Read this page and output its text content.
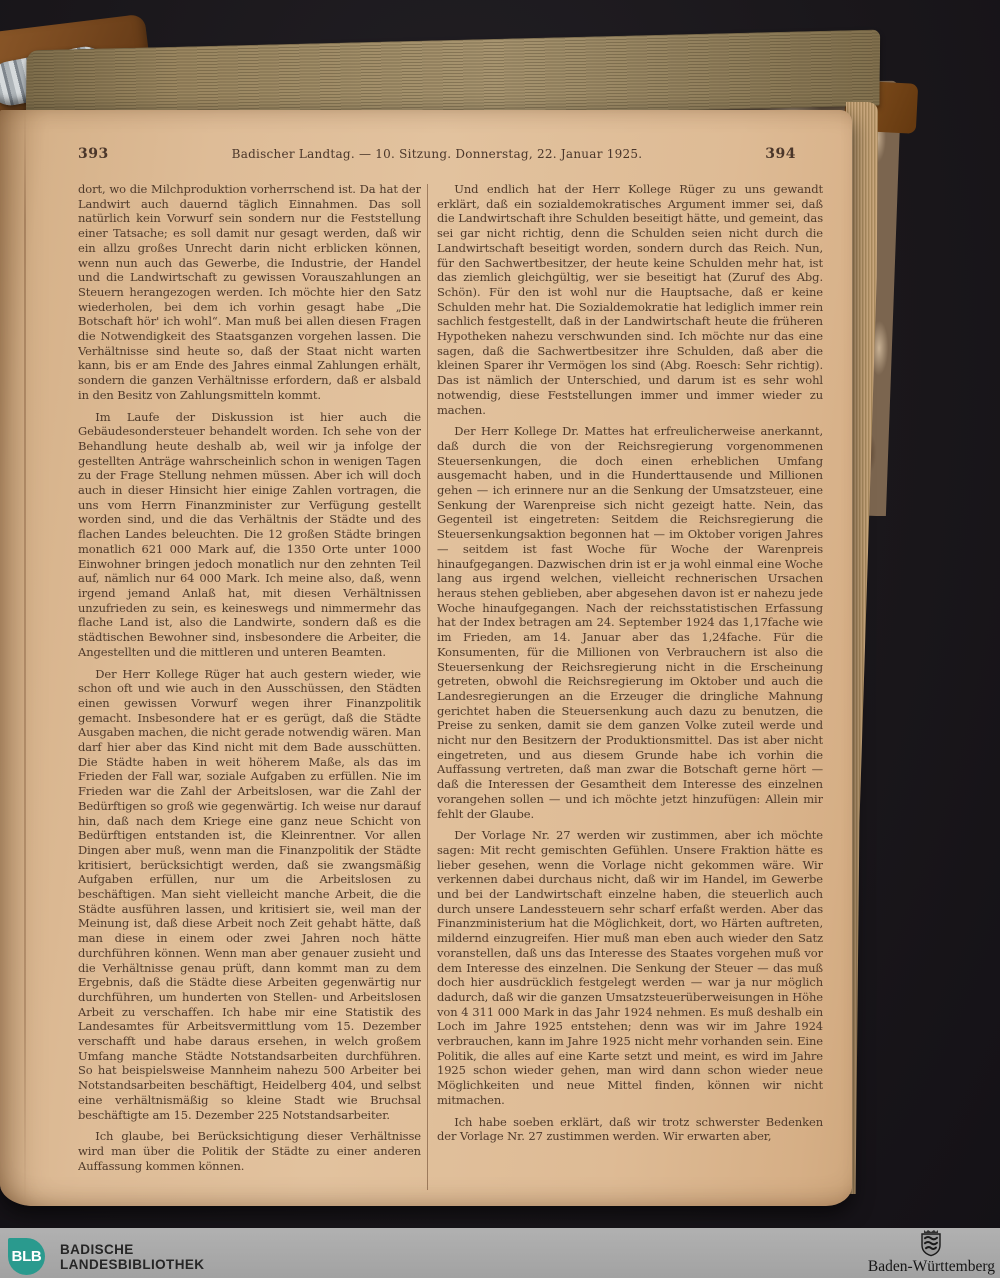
393	Badischer Landtag. — 10. Sitzung. Donnerstag, 22. Januar 1925.	394

dort, wo die Milchproduktion vorherrschend ist. Da hat der Landwirt auch dauernd täglich Einnahmen. Das soll natürlich kein Vorwurf sein sondern nur die Feststellung einer Tatsache; es soll damit nur gesagt werden, daß wir ein allzu großes Unrecht darin nicht erblicken können, wenn nun auch das Gewerbe, die Industrie, der Handel und die Landwirtschaft zu gewissen Vorauszahlungen an Steuern herangezogen werden. Ich möchte hier den Satz wiederholen, bei dem ich vorhin gesagt habe „Die Botschaft hör' ich wohl“. Man muß bei allen diesen Fragen die Notwendigkeit des Staatsganzen vorgehen lassen. Die Verhältnisse sind heute so, daß der Staat nicht warten kann, bis er am Ende des Jahres einmal Zahlungen erhält, sondern die ganzen Verhältnisse erfordern, daß er alsbald in den Besitz von Zahlungsmitteln kommt.

Im Laufe der Diskussion ist hier auch die Gebäudesondersteuer behandelt worden. Ich sehe von der Behandlung heute deshalb ab, weil wir ja infolge der gestellten Anträge wahrscheinlich schon in wenigen Tagen zu der Frage Stellung nehmen müssen. Aber ich will doch auch in dieser Hinsicht hier einige Zahlen vortragen, die uns vom Herrn Finanzminister zur Verfügung gestellt worden sind, und die das Verhältnis der Städte und des flachen Landes beleuchten. Die 12 großen Städte bringen monatlich 621 000 Mark auf, die 1350 Orte unter 1000 Einwohner bringen jedoch monatlich nur den zehnten Teil auf, nämlich nur 64 000 Mark. Ich meine also, daß, wenn irgend jemand Anlaß hat, mit diesen Verhältnissen unzufrieden zu sein, es keineswegs und nimmermehr das flache Land ist, also die Landwirte, sondern daß es die städtischen Bewohner sind, insbesondere die Arbeiter, die Angestellten und die mittleren und unteren Beamten.

Der Herr Kollege Rüger hat auch gestern wieder, wie schon oft und wie auch in den Ausschüssen, den Städten einen gewissen Vorwurf wegen ihrer Finanzpolitik gemacht. Insbesondere hat er es gerügt, daß die Städte Ausgaben machen, die nicht gerade notwendig wären. Man darf hier aber das Kind nicht mit dem Bade ausschütten. Die Städte haben in weit höherem Maße, als das im Frieden der Fall war, soziale Aufgaben zu erfüllen. Nie im Frieden war die Zahl der Arbeitslosen, war die Zahl der Bedürftigen so groß wie gegenwärtig. Ich weise nur darauf hin, daß nach dem Kriege eine ganz neue Schicht von Bedürftigen entstanden ist, die Kleinrentner. Vor allen Dingen aber muß, wenn man die Finanzpolitik der Städte kritisiert, berücksichtigt werden, daß sie zwangsmäßig Aufgaben erfüllen, nur um die Arbeitslosen zu beschäftigen. Man sieht vielleicht manche Arbeit, die die Städte ausführen lassen, und kritisiert sie, weil man der Meinung ist, daß diese Arbeit noch Zeit gehabt hätte, daß man diese in einem oder zwei Jahren noch hätte durchführen können. Wenn man aber genauer zusieht und die Verhältnisse genau prüft, dann kommt man zu dem Ergebnis, daß die Städte diese Arbeiten gegenwärtig nur durchführen, um hunderten von Stellen- und Arbeitslosen Arbeit zu verschaffen. Ich habe mir eine Statistik des Landesamtes für Arbeitsvermittlung vom 15. Dezember verschafft und habe daraus ersehen, in welch großem Umfang manche Städte Notstandsarbeiten durchführen. So hat beispielsweise Mannheim nahezu 500 Arbeiter bei Notstandsarbeiten beschäftigt, Heidelberg 404, und selbst eine verhältnismäßig so kleine Stadt wie Bruchsal beschäftigte am 15. Dezember 225 Notstandsarbeiter.

Ich glaube, bei Berücksichtigung dieser Verhältnisse wird man über die Politik der Städte zu einer anderen Auffassung kommen können.

Und endlich hat der Herr Kollege Rüger zu uns gewandt erklärt, daß ein sozialdemokratisches Argument immer sei, daß die Landwirtschaft ihre Schulden beseitigt hätte, und gemeint, das sei gar nicht richtig, denn die Schulden seien nicht durch die Landwirtschaft beseitigt worden, sondern durch das Reich. Nun, für den Sachwertbesitzer, der heute keine Schulden mehr hat, ist das ziemlich gleichgültig, wer sie beseitigt hat (Zuruf des Abg. Schön). Für den ist wohl nur die Hauptsache, daß er keine Schulden mehr hat. Die Sozialdemokratie hat lediglich immer rein sachlich festgestellt, daß in der Landwirtschaft heute die früheren Hypotheken nahezu verschwunden sind. Ich möchte nur das eine sagen, daß die Sachwertbesitzer ihre Schulden, daß aber die kleinen Sparer ihr Vermögen los sind (Abg. Roesch: Sehr richtig). Das ist nämlich der Unterschied, und darum ist es sehr wohl notwendig, diese Feststellungen immer und immer wieder zu machen.

Der Herr Kollege Dr. Mattes hat erfreulicherweise anerkannt, daß durch die von der Reichsregierung vorgenommenen Steuersenkungen, die doch einen erheblichen Umfang ausgemacht haben, und in die Hunderttausende und Millionen gehen — ich erinnere nur an die Senkung der Umsatzsteuer, eine Senkung der Warenpreise sich nicht gezeigt hatte. Nein, das Gegenteil ist eingetreten: Seitdem die Reichsregierung die Steuersenkungsaktion begonnen hat — im Oktober vorigen Jahres — seitdem ist fast Woche für Woche der Warenpreis hinaufgegangen. Dazwischen drin ist er ja wohl einmal eine Woche lang aus irgend welchen, vielleicht rechnerischen Ursachen heraus stehen geblieben, aber abgesehen davon ist er nahezu jede Woche hinaufgegangen. Nach der reichsstatistischen Erfassung hat der Index betragen am 24. September 1924 das 1,17fache wie im Frieden, am 14. Januar aber das 1,24fache. Für die Konsumenten, für die Millionen von Verbrauchern ist also die Steuersenkung der Reichsregierung nicht in die Erscheinung getreten, obwohl die Reichsregierung im Oktober und auch die Landesregierungen an die Erzeuger die dringliche Mahnung gerichtet haben die Steuersenkung auch dazu zu benutzen, die Preise zu senken, damit sie dem ganzen Volke zuteil werde und nicht nur den Besitzern der Produktionsmittel. Das ist aber nicht eingetreten, und aus diesem Grunde habe ich vorhin die Auffassung vertreten, daß man zwar die Botschaft gerne hört — daß die Interessen der Gesamtheit dem Interesse des einzelnen vorangehen sollen — und ich möchte jetzt hinzufügen: Allein mir fehlt der Glaube.

Der Vorlage Nr. 27 werden wir zustimmen, aber ich möchte sagen: Mit recht gemischten Gefühlen. Unsere Fraktion hätte es lieber gesehen, wenn die Vorlage nicht gekommen wäre. Wir verkennen dabei durchaus nicht, daß wir im Handel, im Gewerbe und bei der Landwirtschaft einzelne haben, die steuerlich auch durch unsere Landessteuern sehr scharf erfaßt werden. Aber das Finanzministerium hat die Möglichkeit, dort, wo Härten auftreten, mildernd einzugreifen. Hier muß man eben auch wieder den Satz voranstellen, daß uns das Interesse des Staates vorgehen muß vor dem Interesse des einzelnen. Die Senkung der Steuer — das muß doch hier ausdrücklich festgelegt werden — war ja nur möglich dadurch, daß wir die ganzen Umsatzsteuerüberweisungen in Höhe von 4 311 000 Mark in das Jahr 1924 nehmen. Es muß deshalb ein Loch im Jahre 1925 entstehen; denn was wir im Jahre 1924 verbrauchen, kann im Jahre 1925 nicht mehr vorhanden sein. Eine Politik, die alles auf eine Karte setzt und meint, es wird im Jahre 1925 schon wieder gehen, man wird dann schon wieder neue Möglichkeiten und neue Mittel finden, können wir nicht mitmachen.

Ich habe soeben erklärt, daß wir trotz schwerster Bedenken der Vorlage Nr. 27 zustimmen werden. Wir erwarten aber,

BLB BADISCHE
LANDESBIBLIOTHEK	Baden-Württemberg
